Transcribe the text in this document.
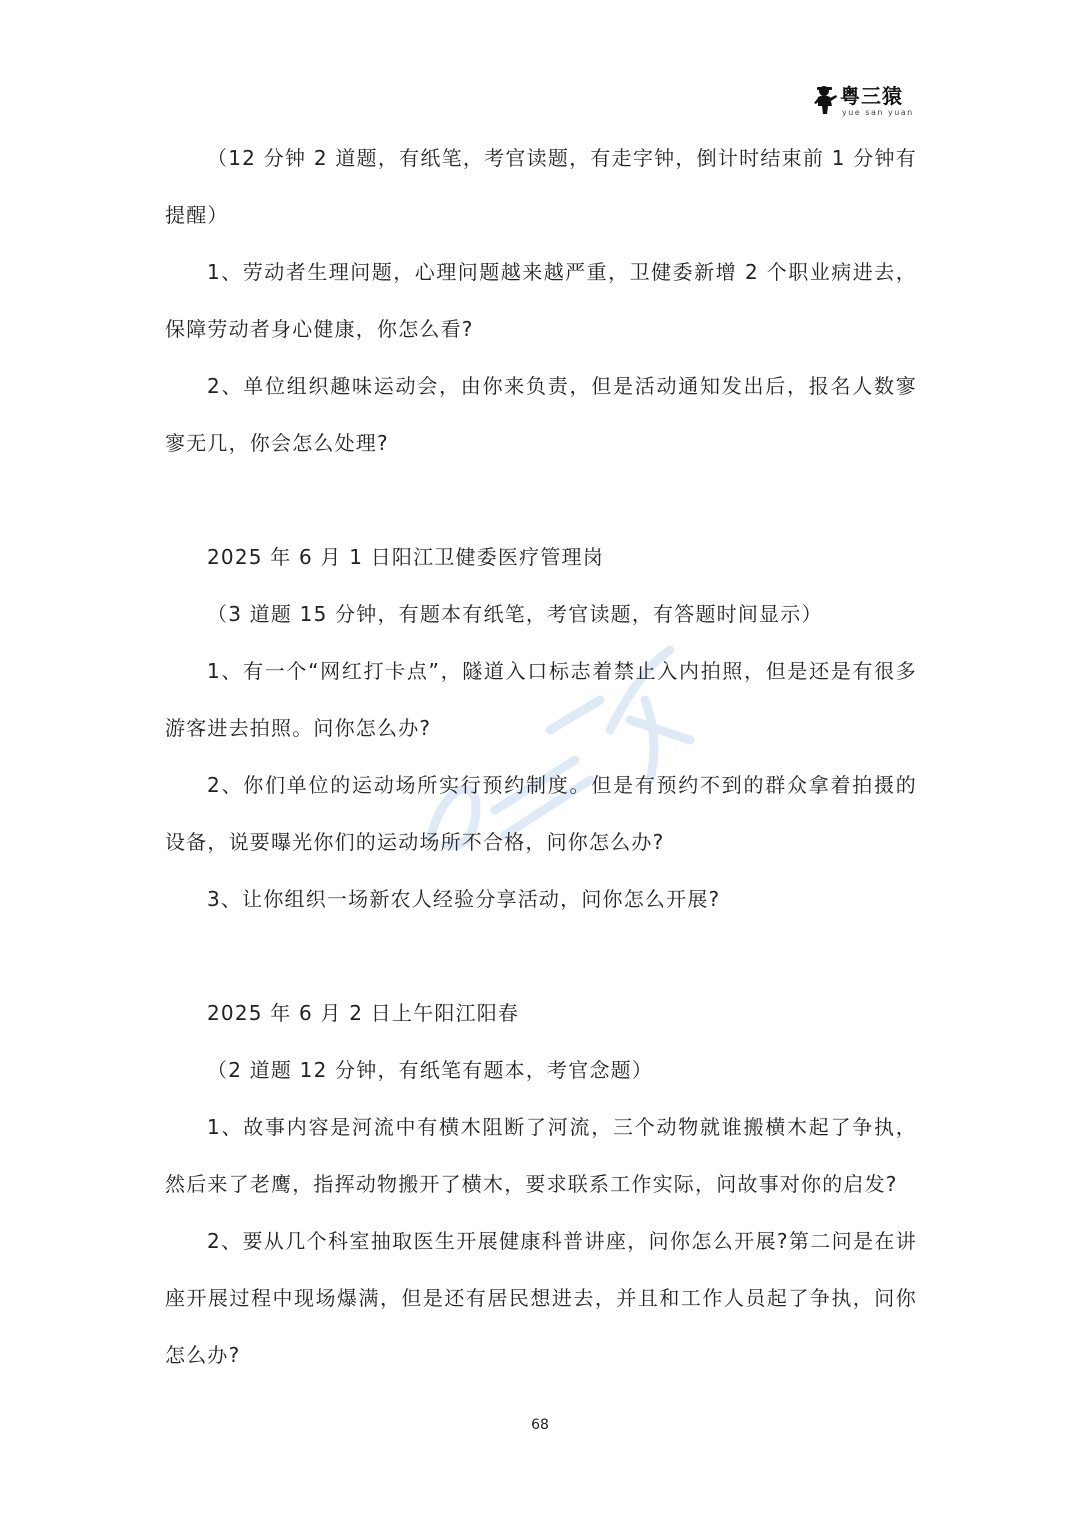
粤三猿
yue san yuan

（12 分钟 2 道题，有纸笔，考官读题，有走字钟，倒计时结束前 1 分钟有提醒）

1、劳动者生理问题，心理问题越来越严重，卫健委新增 2 个职业病进去，保障劳动者身心健康，你怎么看?

2、单位组织趣味运动会，由你来负责，但是活动通知发出后，报名人数寥寥无几，你会怎么处理?

2025 年 6 月 1 日阳江卫健委医疗管理岗

（3 道题 15 分钟，有题本有纸笔，考官读题，有答题时间显示）

1、有一个“网红打卡点”，隧道入口标志着禁止入内拍照，但是还是有很多游客进去拍照。问你怎么办?

2、你们单位的运动场所实行预约制度。但是有预约不到的群众拿着拍摄的设备，说要曝光你们的运动场所不合格，问你怎么办?

3、让你组织一场新农人经验分享活动，问你怎么开展?

2025 年 6 月 2 日上午阳江阳春

（2 道题 12 分钟，有纸笔有题本，考官念题）

1、故事内容是河流中有横木阻断了河流，三个动物就谁搬横木起了争执，然后来了老鹰，指挥动物搬开了横木，要求联系工作实际，问故事对你的启发?

2、要从几个科室抽取医生开展健康科普讲座，问你怎么开展?第二问是在讲座开展过程中现场爆满，但是还有居民想进去，并且和工作人员起了争执，问你怎么办?

68
